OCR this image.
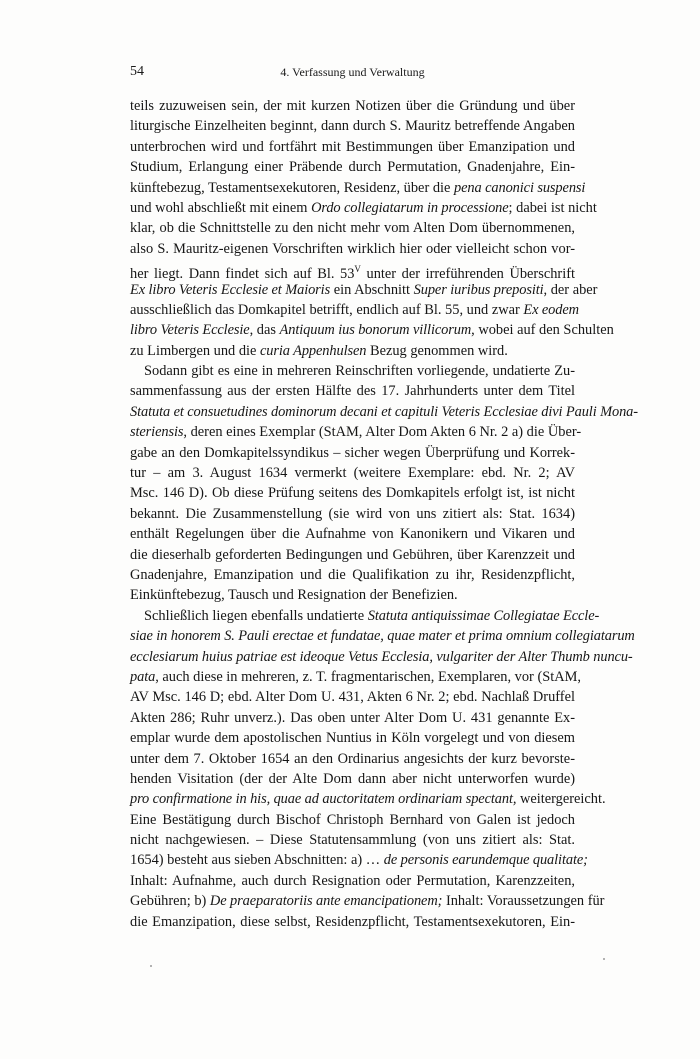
54	4. Verfassung und Verwaltung
teils zuzuweisen sein, der mit kurzen Notizen über die Gründung und über
liturgische Einzelheiten beginnt, dann durch S. Mauritz betreffende Angaben
unterbrochen wird und fortfährt mit Bestimmungen über Emanzipation und
Studium, Erlangung einer Präbende durch Permutation, Gnadenjahre, Ein-
künftebezug, Testamentsexekutoren, Residenz, über die pena canonici suspensi
und wohl abschließt mit einem Ordo collegiatarum in processione; dabei ist nicht
klar, ob die Schnittstelle zu den nicht mehr vom Alten Dom übernommenen,
also S. Mauritz-eigenen Vorschriften wirklich hier oder vielleicht schon vor-
her liegt. Dann findet sich auf Bl. $53^V$ unter der irreführenden Überschrift
Ex libro Veteris Ecclesie et Maioris ein Abschnitt Super iuribus prepositi, der aber
ausschließlich das Domkapitel betrifft, endlich auf Bl. 55, und zwar Ex eodem
libro Veteris Ecclesie, das Antiquum ius bonorum villicorum, wobei auf den Schulten
zu Limbergen und die curia Appenhulsen Bezug genommen wird.
Sodann gibt es eine in mehreren Reinschriften vorliegende, undatierte Zu-
sammenfassung aus der ersten Hälfte des 17. Jahrhunderts unter dem Titel
Statuta et consuetudines dominorum decani et capituli Veteris Ecclesiae divi Pauli Mona-
steriensis, deren eines Exemplar (StAM, Alter Dom Akten 6 Nr. 2 a) die Über-
gabe an den Domkapitelssyndikus – sicher wegen Überprüfung und Korrek-
tur – am 3. August 1634 vermerkt (weitere Exemplare: ebd. Nr. 2; AV
Msc. 146 D). Ob diese Prüfung seitens des Domkapitels erfolgt ist, ist nicht
bekannt. Die Zusammenstellung (sie wird von uns zitiert als: Stat. 1634)
enthält Regelungen über die Aufnahme von Kanonikern und Vikaren und
die dieserhalb geforderten Bedingungen und Gebühren, über Karenzzeit und
Gnadenjahre, Emanzipation und die Qualifikation zu ihr, Residenzpflicht,
Einkünftebezug, Tausch und Resignation der Benefizien.
Schließlich liegen ebenfalls undatierte Statuta antiquissimae Collegiatae Eccle-
siae in honorem S. Pauli erectae et fundatae, quae mater et prima omnium collegiatarum
ecclesiarum huius patriae est ideoque Vetus Ecclesia, vulgariter der Alter Thumb nuncu-
pata, auch diese in mehreren, z. T. fragmentarischen, Exemplaren, vor (StAM,
AV Msc. 146 D; ebd. Alter Dom U. 431, Akten 6 Nr. 2; ebd. Nachlaß Druffel
Akten 286; Ruhr unverz.). Das oben unter Alter Dom U. 431 genannte Ex-
emplar wurde dem apostolischen Nuntius in Köln vorgelegt und von diesem
unter dem 7. Oktober 1654 an den Ordinarius angesichts der kurz bevorste-
henden Visitation (der der Alte Dom dann aber nicht unterworfen wurde)
pro confirmatione in his, quae ad auctoritatem ordinariam spectant, weitergereicht.
Eine Bestätigung durch Bischof Christoph Bernhard von Galen ist jedoch
nicht nachgewiesen. – Diese Statutensammlung (von uns zitiert als: Stat.
1654) besteht aus sieben Abschnitten: a) … de personis earundemque qualitate;
Inhalt: Aufnahme, auch durch Resignation oder Permutation, Karenzzeiten,
Gebühren; b) De praeparatoriis ante emancipationem; Inhalt: Voraussetzungen für
die Emanzipation, diese selbst, Residenzpflicht, Testamentsexekutoren, Ein-
